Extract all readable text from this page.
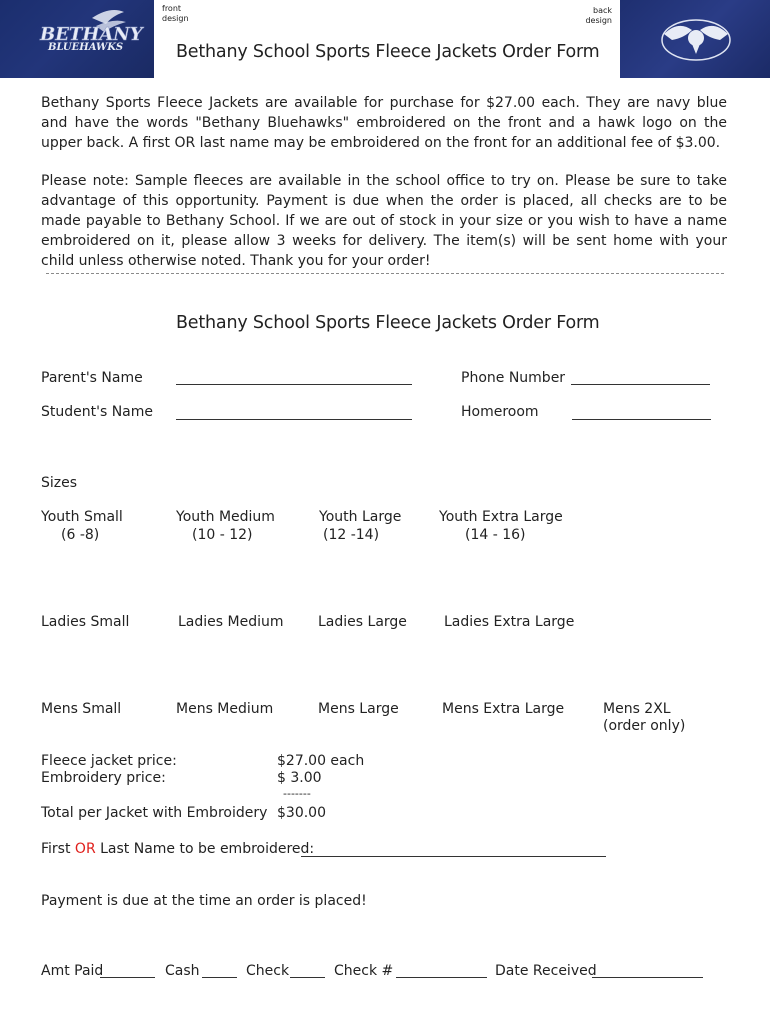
BETHANY
BLUEHAWKS
front
design
back
design
Bethany School Sports Fleece Jackets Order Form
Bethany Sports Fleece Jackets are available for purchase for $27.00 each. They are navy blue and have the words "Bethany Bluehawks" embroidered on the front and a hawk logo on the upper back. A first OR last name may be embroidered on the front for an additional fee of $3.00.
Please note: Sample fleeces are available in the school office to try on. Please be sure to take advantage of this opportunity. Payment is due when the order is placed, all checks are to be made payable to Bethany School. If we are out of stock in your size or you wish to have a name embroidered on it, please allow 3 weeks for delivery. The item(s) will be sent home with your child unless otherwise noted. Thank you for your order!
Bethany School Sports Fleece Jackets Order Form
Parent's Name	Phone Number
Student's Name	Homeroom
Sizes
Youth Small
(6 -8)
Youth Medium
(10 - 12)
Youth Large
(12 -14)
Youth Extra Large
(14 - 16)
Ladies Small	Ladies Medium Ladies Large	Ladies Extra Large
Mens Small	Mens Medium	Mens Large	Mens Extra Large	Mens 2XL
(order only)
Fleece jacket price:	$27.00 each
Embroidery price:	$ 3.00
-------
Total per Jacket with Embroidery $30.00
First OR Last Name to be embroidered:
Payment is due at the time an order is placed!
Amt Paid	Cash	Check	Check #	Date Received
